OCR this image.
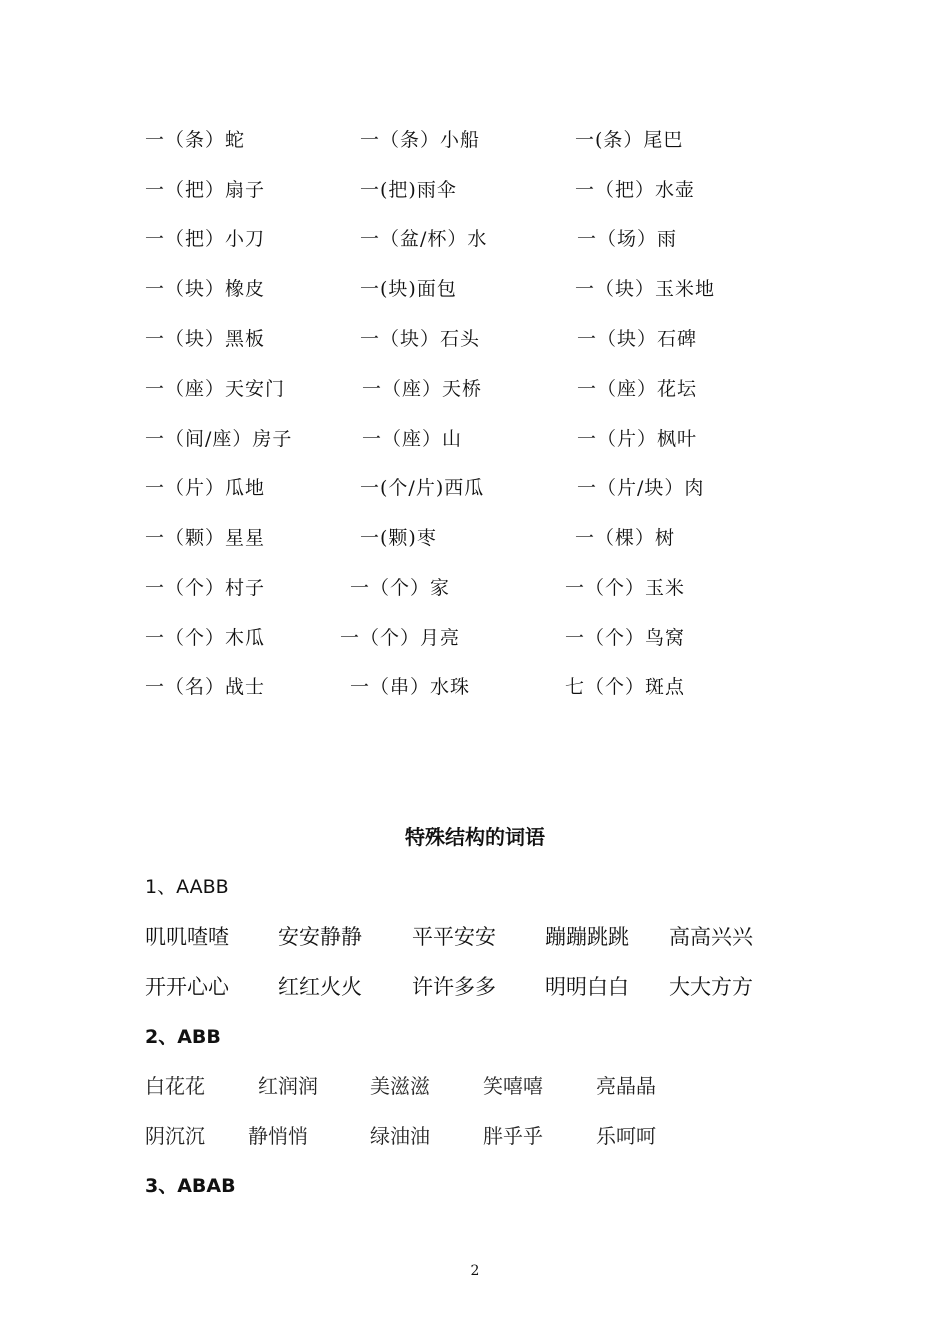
一（条）蛇	一（条）小船	一(条）尾巴
一（把）扇子	一(把)雨伞	一（把）水壶
一（把）小刀	一（盆/杯）水	一（场）雨
一（块）橡皮	一(块)面包	一（块）玉米地
一（块）黑板	一（块）石头	一（块）石碑
一（座）天安门	一（座）天桥	一（座）花坛
一（间/座）房子	一（座）山	一（片）枫叶
一（片）瓜地	一(个/片)西瓜	一（片/块）肉
一（颗）星星	一(颗)枣	一（棵）树
一（个）村子	一（个）家	一（个）玉米
一（个）木瓜	一（个）月亮	一（个）鸟窝
一（名）战士	一（串）水珠	七（个）斑点
特殊结构的词语
1、AABB
叽叽喳喳 安安静静 平平安安 蹦蹦跳跳 高高兴兴
开开心心 红红火火 许许多多 明明白白 大大方方
2、ABB
白花花	红润润	美滋滋	笑嘻嘻	亮晶晶
阴沉沉 静悄悄	绿油油	胖乎乎	乐呵呵
3、ABAB
2
